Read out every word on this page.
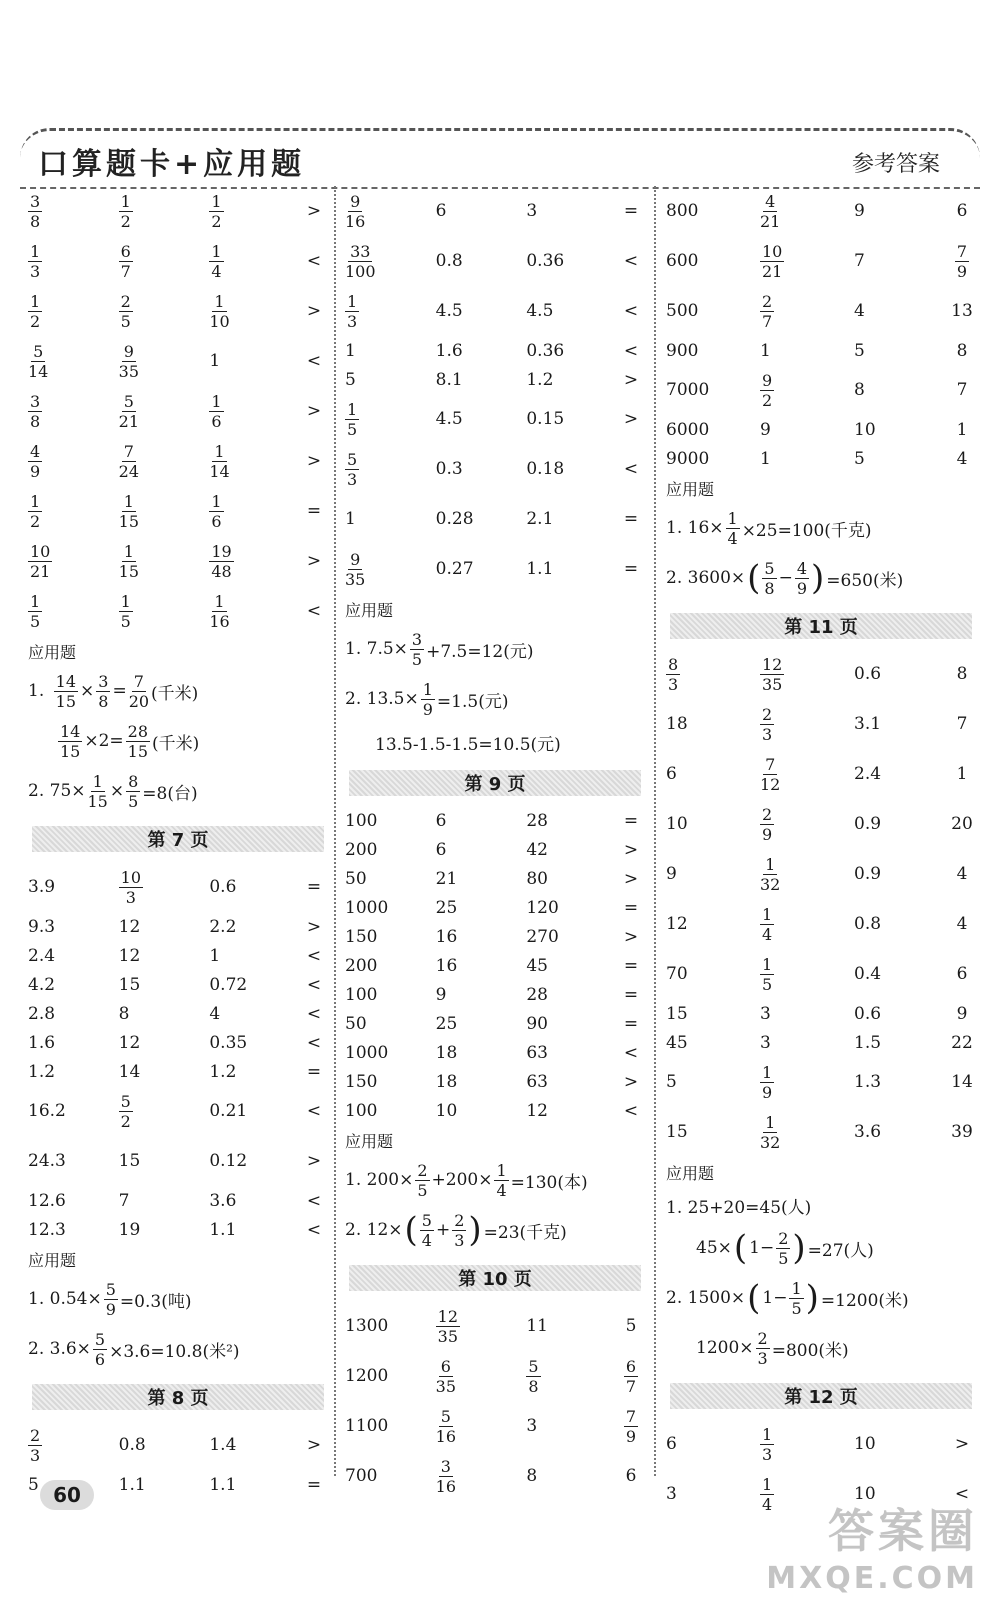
口算题卡+应用题	参考答案
$\frac{3}{8}$	$\frac{1}{2}$	$\frac{1}{2}$	>
$\frac{1}{3}$	$\frac{6}{7}$	$\frac{1}{4}$	<
$\frac{1}{2}$	$\frac{2}{5}$	$\frac{1}{10}$	>
$\frac{5}{14}$	$\frac{9}{35}$	1	<
$\frac{3}{8}$	$\frac{5}{21}$	$\frac{1}{6}$	>
$\frac{4}{9}$	$\frac{7}{24}$	$\frac{1}{14}$	>
$\frac{1}{2}$	$\frac{1}{15}$	$\frac{1}{6}$	=
$\frac{10}{21}$	$\frac{1}{15}$	$\frac{19}{48}$	>
$\frac{1}{5}$	$\frac{1}{5}$	$\frac{1}{16}$	<
应用题
1.
$\frac{14}{15} \times \frac{3}{8} = \frac{7}{20}$ (千米)
$\frac{14}{15} \times 2= \frac{28}{15}$ (千米)
2. $75\times \frac{1}{15} \times \frac{8}{5} =8$(台)
第 7 页
3.9	$\frac{10}{3}$	0.6	=
9.3	12	2.2	>
2.4	12	1	<
4.2	15	0.72	<
2.8	8	4	<
1.6	12	0.35	<
1.2	14	1.2	=
16.2	$\frac{5}{2}$	0.21	<
24.3	15	0.12	>
12.6	7	3.6	<
12.3	19	1.1	<
应用题
1. $0.54\times \frac{5}{9} =0.3$(吨)
2. $3.6\times \frac{5}{6} \times 3.6=10.8$(米²)
第 8 页
$\frac{2}{3}$	0.8	1.4	>
5	1.1	1.1	=
$\frac{9}{16}$	6	3	=
$\frac{33}{100}$	0.8	0.36	<
$\frac{1}{3}$	4.5	4.5	<
1	1.6	0.36	<
5	8.1	1.2	>
$\frac{1}{5}$	4.5	0.15	>
$\frac{5}{3}$	0.3	0.18	<
1	0.28	2.1	=
$\frac{9}{35}$	0.27	1.1	=
应用题
1. $7.5\times \frac{3}{5} +7.5=12$(元)
2. $13.5\times \frac{1}{9} =1.5$(元)
13.5-1.5-1.5=10.5(元)
第 9 页
100	6	28	=
200	6	42	>
50	21	80	>
1000	25	120	=
150	16	270	>
200	16	45	=
100	9	28	=
50	25	90	=
1000	18	63	<
150	18	63	>
100	10	12	<
应用题
1. $200\times \frac{2}{5} +200\times \frac{1}{4} =130$(本)
2. 12× ( $\frac{5}{4} + \frac{2}{3}$ ) =23(千克)
第 10 页
1300	$\frac{12}{35}$	11	5
1200	$\frac{6}{35}$	$\frac{5}{8}$	$\frac{6}{7}$
1100	$\frac{5}{16}$	3	$\frac{7}{9}$
700	$\frac{3}{16}$	8	6
800	$\frac{4}{21}$	9	6
600	$\frac{10}{21}$	7	$\frac{7}{9}$
500	$\frac{2}{7}$	4	13
900	1	5	8
7000	$\frac{9}{2}$	8	7
6000	9	10	1
9000	1	5	4
应用题
1. $16\times \frac{1}{4} \times 25=100$(千克)
2. 3600× ( $\frac{5}{8} - \frac{4}{9}$ ) =650(米)
第 11 页
$\frac{8}{3}$	$\frac{12}{35}$	0.6	8
18	$\frac{2}{3}$	3.1	7
6	$\frac{7}{12}$	2.4	1
10	$\frac{2}{9}$	0.9	20
9	$\frac{1}{32}$	0.9	4
12	$\frac{1}{4}$	0.8	4
70	$\frac{1}{5}$	0.4	6
15	3	0.6	9
45	3	1.5	22
5	$\frac{1}{9}$	1.3	14
15	$\frac{1}{32}$	3.6	39
应用题
1. 25+20=45(人)
45× ( $1- \frac{2}{5}$ ) =27(人)
2. 1500× ( $1- \frac{1}{5}$ ) =1200(米)
$1200\times \frac{2}{3} =800$(米)
第 12 页
6	$\frac{1}{3}$	10	>
3	$\frac{1}{4}$	10	<
60
答案圈
MXQE.COM
